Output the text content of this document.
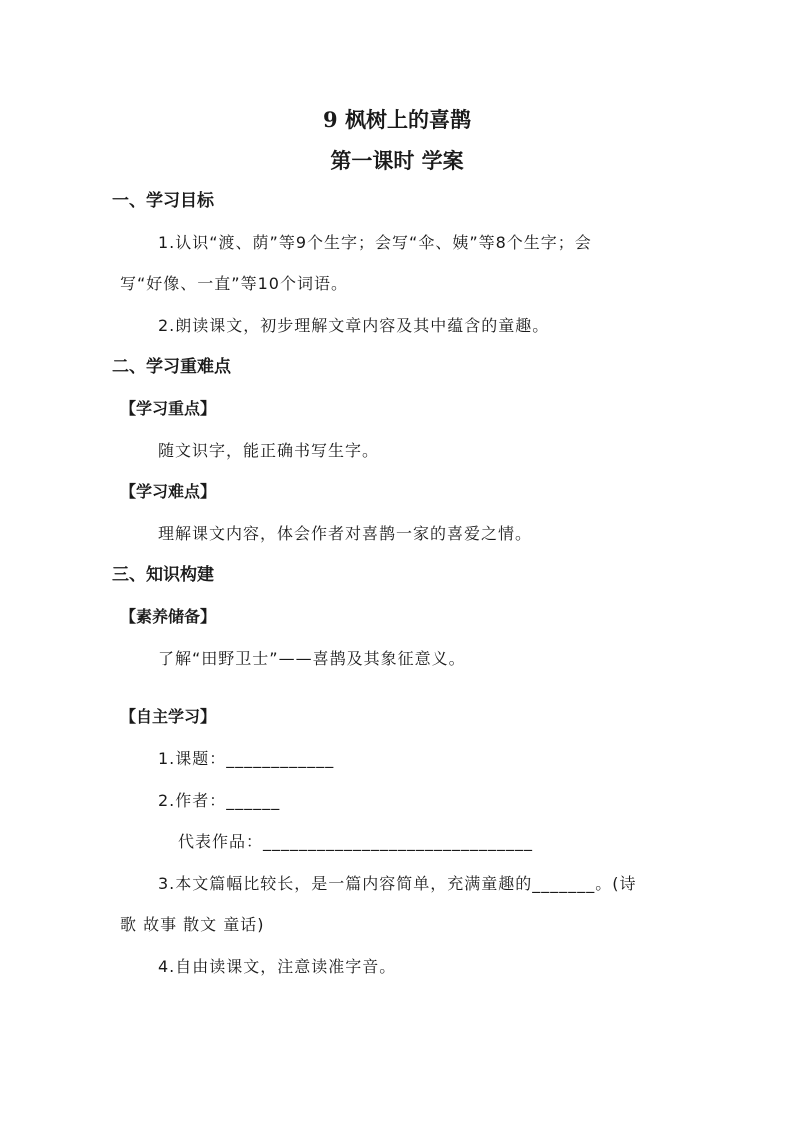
9 枫树上的喜鹊
第一课时 学案
一、学习目标
1.认识“渡、荫”等9个生字；会写“伞、姨”等8个生字；会
写“好像、一直”等10个词语。
2.朗读课文，初步理解文章内容及其中蕴含的童趣。
二、学习重难点
【学习重点】
随文识字，能正确书写生字。
【学习难点】
理解课文内容，体会作者对喜鹊一家的喜爱之情。
三、知识构建
【素养储备】
了解“田野卫士”——喜鹊及其象征意义。
【自主学习】
1.课题：____________
2.作者：______
代表作品：______________________________
3.本文篇幅比较长，是一篇内容简单，充满童趣的_______。(诗
歌 故事 散文 童话)
4.自由读课文，注意读准字音。
